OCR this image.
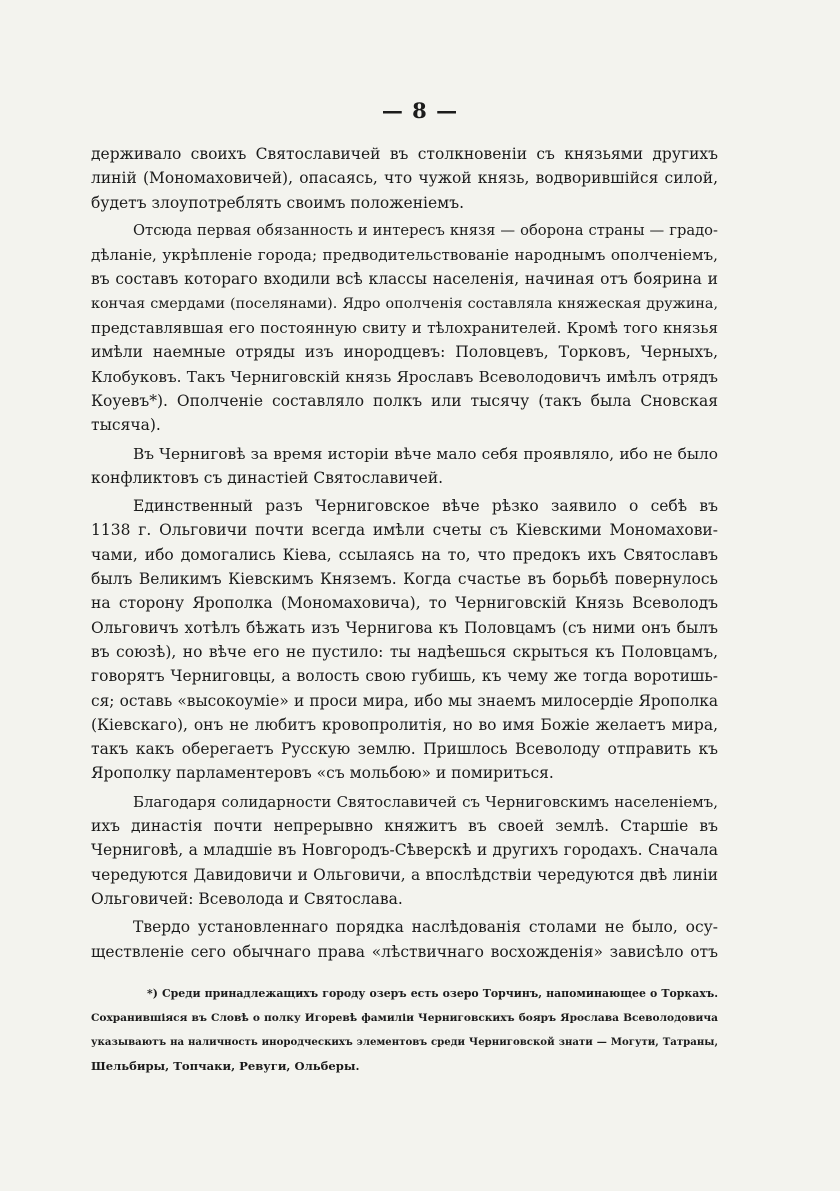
— 8 —
держивало своихъ Святославичей въ столкновеніи съ князьями другихъ
линій (Мономаховичей), опасаясь, что чужой князь, водворившійся силой,
будетъ злоупотреблять своимъ положеніемъ.
Отсюда первая обязанность и интересъ князя — оборона страны — градо-
дѣланіе, укрѣпленіе города; предводительствованіе народнымъ ополченіемъ,
въ составъ котораго входили всѣ классы населенія, начиная отъ боярина и
кончая смердами (поселянами). Ядро ополченія составляла княжеская дружина,
представлявшая его постоянную свиту и тѣлохранителей. Кромѣ того князья
имѣли наемные отряды изъ инородцевъ: Половцевъ, Торковъ, Черныхъ,
Клобуковъ. Такъ Черниговскій князь Ярославъ Всеволодовичъ имѣлъ отрядъ
Коуевъ*). Ополченіе составляло полкъ или тысячу (такъ была Сновская
тысяча).
Въ Черниговѣ за время исторіи вѣче мало себя проявляло, ибо не было
конфликтовъ съ династіей Святославичей.
Единственный разъ Черниговское вѣче рѣзко заявило о себѣ въ
1138 г. Ольговичи почти всегда имѣли счеты съ Кіевскими Мономахови-
чами, ибо домогались Кіева, ссылаясь на то, что предокъ ихъ Святославъ
былъ Великимъ Кіевскимъ Княземъ. Когда счастье въ борьбѣ повернулось
на сторону Ярополка (Мономаховича), то Черниговскій Князь Всеволодъ
Ольговичъ хотѣлъ бѣжать изъ Чернигова къ Половцамъ (съ ними онъ былъ
въ союзѣ), но вѣче его не пустило: ты надѣешься скрыться къ Половцамъ,
говорятъ Черниговцы, а волость свою губишь, къ чему же тогда воротишь-
ся; оставь «высокоуміе» и проси мира, ибо мы знаемъ милосердіе Ярополка
(Кіевскаго), онъ не любитъ кровопролитія, но во имя Божіе желаетъ мира,
такъ какъ оберегаетъ Русскую землю. Пришлось Всеволоду отправить къ
Ярополку парламентеровъ «съ мольбою» и помириться.
Благодаря солидарности Святославичей съ Черниговскимъ населеніемъ,
ихъ династія почти непрерывно княжитъ въ своей землѣ. Старшіе въ
Черниговѣ, а младшіе въ Новгородъ-Сѣверскѣ и другихъ городахъ. Сначала
чередуются Давидовичи и Ольговичи, а впослѣдствіи чередуются двѣ линіи
Ольговичей: Всеволода и Святослава.
Твердо установленнаго порядка наслѣдованія столами не было, осу-
ществленіе сего обычнаго права «лѣствичнаго восхожденія» зависѣло отъ
*) Среди принадлежащихъ городу озеръ есть озеро Торчинъ, напоминающее о Торкахъ.
Сохранившіяся въ Словѣ о полку Игоревѣ фамиліи Черниговскихъ бояръ Ярослава Всеволодовича
указываютъ на наличность инородческихъ элементовъ среди Черниговской знати — Могути, Татраны,
Шельбиры, Топчаки, Ревуги, Ольберы.
